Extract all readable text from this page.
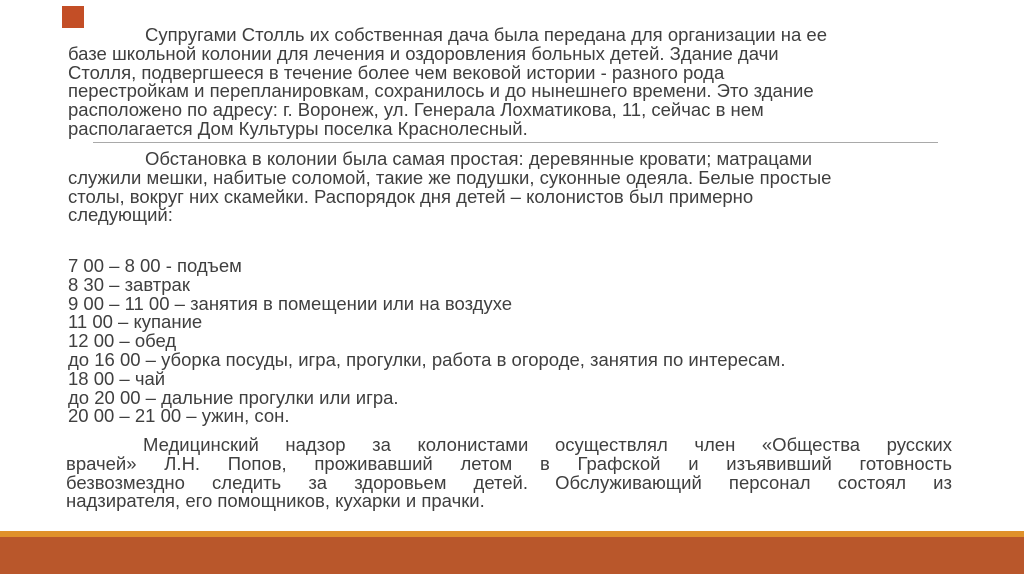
Супругами Столль их собственная дача была передана для организации на ее
базе школьной колонии для лечения и оздоровления больных детей. Здание дачи
Столля, подвергшееся в течение более чем вековой истории - разного рода
перестройкам и перепланировкам, сохранилось и до нынешнего времени. Это здание
расположено по адресу: г. Воронеж, ул. Генерала Лохматикова, 11, сейчас в нем
располагается Дом Культуры поселка Краснолесный.
Обстановка в колонии была самая простая: деревянные кровати; матрацами
служили мешки, набитые соломой, такие же подушки, суконные одеяла. Белые простые
столы, вокруг них скамейки. Распорядок дня детей – колонистов был примерно
следующий:
7 00 – 8 00 - подъем
8 30 – завтрак
9 00 – 11 00 – занятия в помещении или на воздухе
11 00 – купание
12 00 – обед
до 16 00 – уборка посуды, игра, прогулки, работа в огороде, занятия по интересам.
18 00 – чай
до 20 00 – дальние прогулки или игра.
20 00 – 21 00 – ужин, сон.
Медицинский надзор за колонистами осуществлял член «Общества русских
врачей» Л.Н. Попов, проживавший летом в Графской и изъявивший готовность
безвозмездно следить за здоровьем детей. Обслуживающий персонал состоял из
надзирателя, его помощников, кухарки и прачки.
